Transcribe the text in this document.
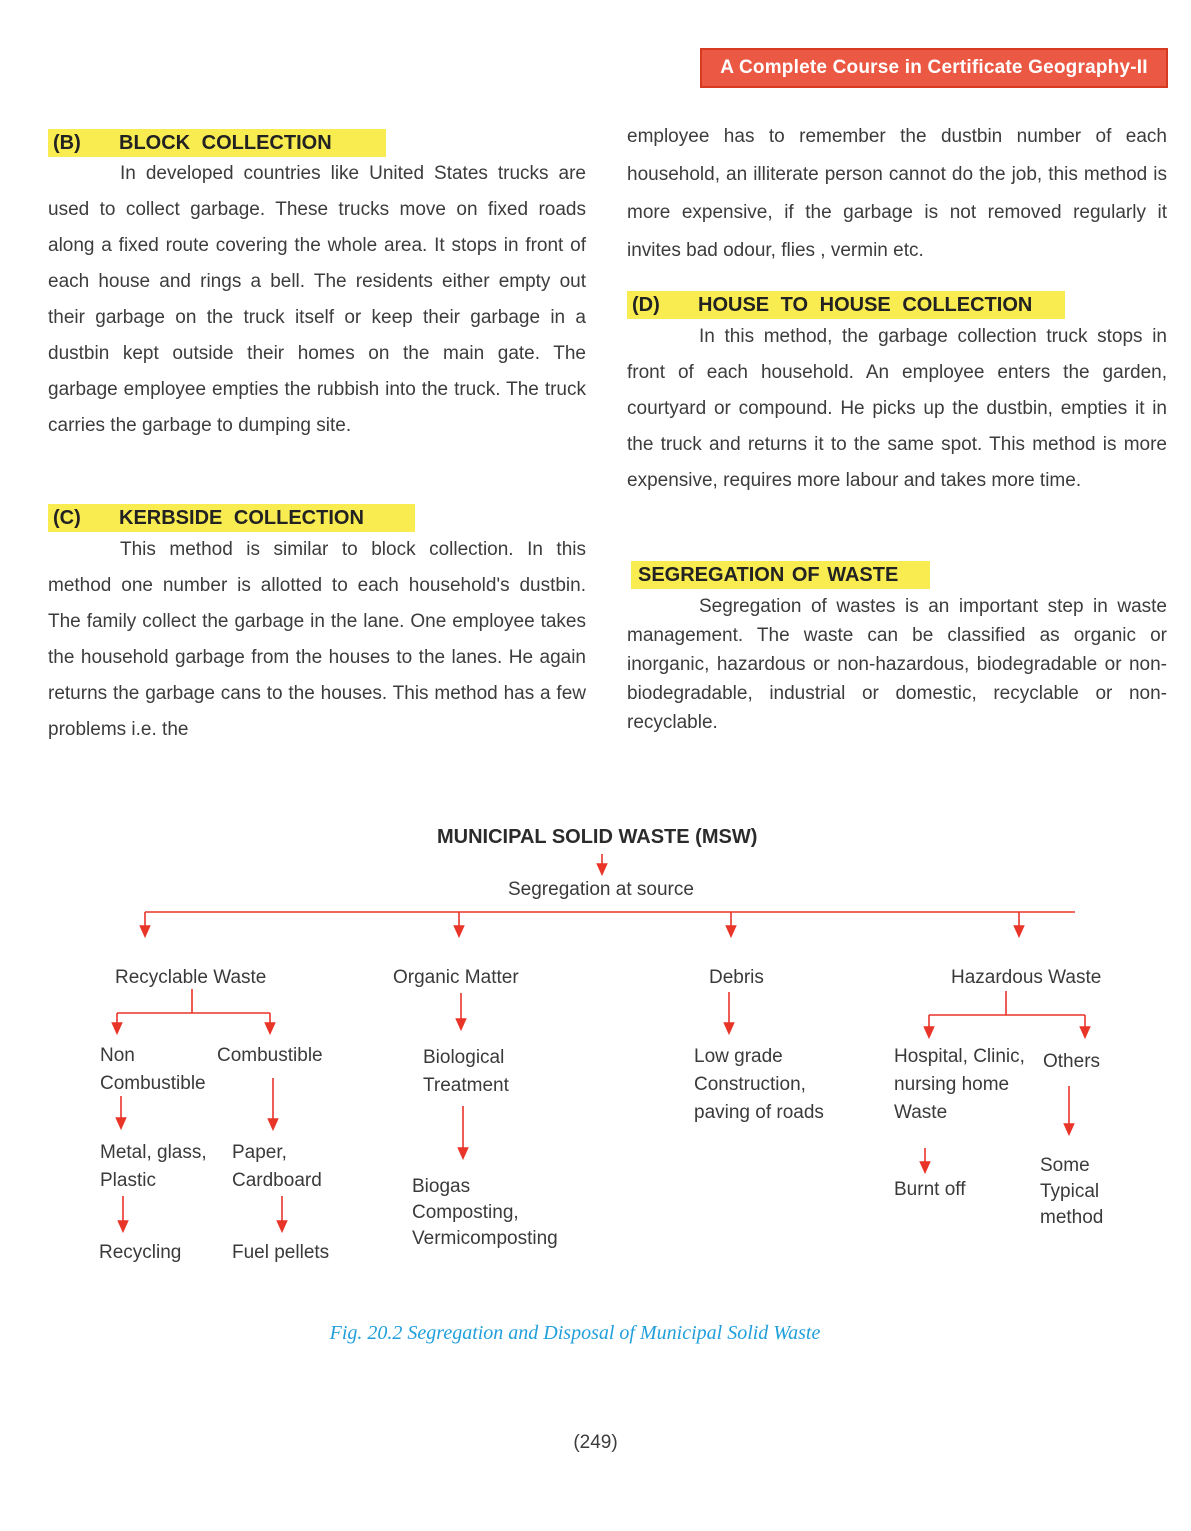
A Complete Course in Certificate Geography-II
(B)	BLOCK COLLECTION

In developed countries like United States trucks are used to collect garbage. These trucks move on fixed roads along a fixed route covering the whole area. It stops in front of each house and rings a bell. The residents either empty out their garbage on the truck itself or keep their garbage in a dustbin kept outside their homes on the main gate. The garbage employee empties the rubbish into the truck. The truck carries the garbage to dumping site.

(C)	KERBSIDE COLLECTION

This method is similar to block collection. In this method one number is allotted to each household's dustbin. The family collect the garbage in the lane. One employee takes the household garbage from the houses to the lanes. He again returns the garbage cans to the houses. This method has a few problems i.e. the

employee has to remember the dustbin number of each household, an illiterate person cannot do the job, this method is more expensive, if the garbage is not removed regularly it invites bad odour, flies , vermin etc.

(D)	HOUSE TO HOUSE COLLECTION

In this method, the garbage collection truck stops in front of each household. An employee enters the garden, courtyard or compound. He picks up the dustbin, empties it in the truck and returns it to the same spot. This method is more expensive, requires more labour and takes more time.

SEGREGATION OF WASTE

Segregation of wastes is an important step in waste management. The waste can be classified as organic or inorganic, hazardous or non-hazardous, biodegradable or non-biodegradable, industrial or domestic, recyclable or non-recyclable.

MUNICIPAL SOLID WASTE (MSW)
Segregation at source
Recyclable Waste	Organic Matter	Debris	Hazardous Waste
Non Combustible
Combustible
Metal, glass, Plastic
Paper, Cardboard
Recycling	Fuel pellets
Biological Treatment
Biogas Composting, Vermicomposting
Low grade Construction, paving of roads
Hospital, Clinic, nursing home Waste
Burnt off
Others
Some Typical method
Fig. 20.2 Segregation and Disposal of Municipal Solid Waste
(249)
